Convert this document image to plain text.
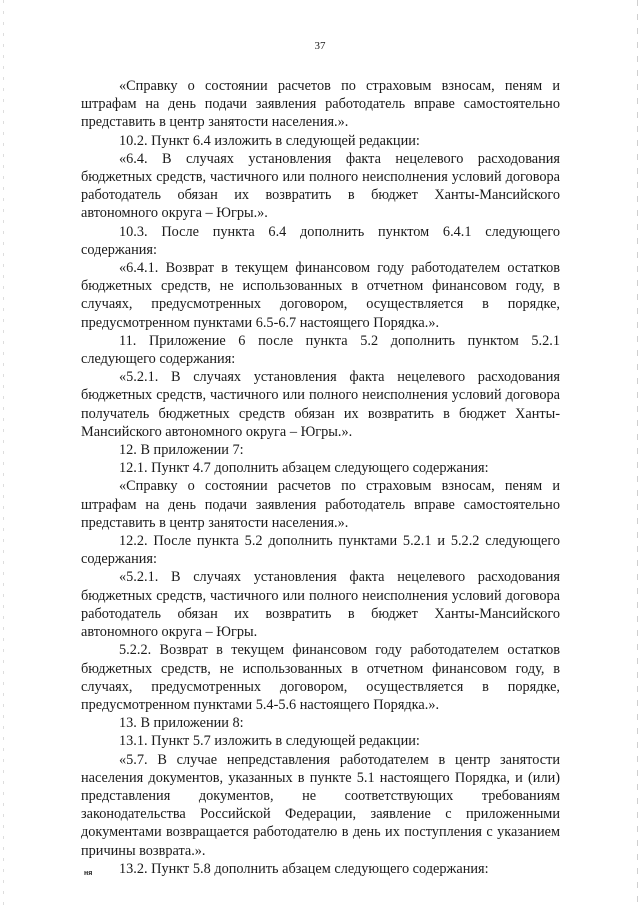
37

«Справку о состоянии расчетов по страховым взносам, пеням и штрафам на день подачи заявления работодатель вправе самостоятельно представить в центр занятости населения.».

10.2. Пункт 6.4 изложить в следующей редакции:

«6.4. В случаях установления факта нецелевого расходования бюджетных средств, частичного или полного неисполнения условий договора работодатель обязан их возвратить в бюджет Ханты-Мансийского автономного округа – Югры.».

10.3. После пункта 6.4 дополнить пунктом 6.4.1 следующего содержания:

«6.4.1. Возврат в текущем финансовом году работодателем остатков бюджетных средств, не использованных в отчетном финансовом году, в случаях, предусмотренных договором, осуществляется в порядке, предусмотренном пунктами 6.5-6.7 настоящего Порядка.».

11. Приложение 6 после пункта 5.2 дополнить пунктом 5.2.1 следующего содержания:

«5.2.1. В случаях установления факта нецелевого расходования бюджетных средств, частичного или полного неисполнения условий договора получатель бюджетных средств обязан их возвратить в бюджет Ханты-Мансийского автономного округа – Югры.».

12. В приложении 7:

12.1. Пункт 4.7 дополнить абзацем следующего содержания:

«Справку о состоянии расчетов по страховым взносам, пеням и штрафам на день подачи заявления работодатель вправе самостоятельно представить в центр занятости населения.».

12.2. После пункта 5.2 дополнить пунктами 5.2.1 и 5.2.2 следующего содержания:

«5.2.1. В случаях установления факта нецелевого расходования бюджетных средств, частичного или полного неисполнения условий договора работодатель обязан их возвратить в бюджет Ханты-Мансийского автономного округа – Югры.

5.2.2. Возврат в текущем финансовом году работодателем остатков бюджетных средств, не использованных в отчетном финансовом году, в случаях, предусмотренных договором, осуществляется в порядке, предусмотренном пунктами 5.4-5.6 настоящего Порядка.».

13. В приложении 8:

13.1. Пункт 5.7 изложить в следующей редакции:

«5.7. В случае непредставления работодателем в центр занятости населения документов, указанных в пункте 5.1 настоящего Порядка, и (или) представления документов, не соответствующих требованиям законодательства Российской Федерации, заявление с приложенными документами возвращается работодателю в день их поступления с указанием причины возврата.».

13.2. Пункт 5.8 дополнить абзацем следующего содержания:

ня
